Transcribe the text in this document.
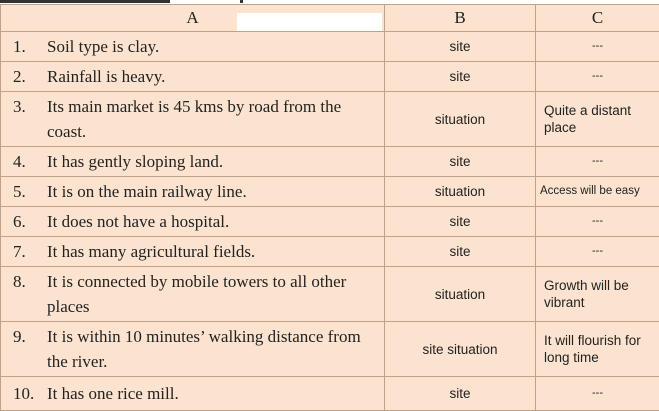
A	B	C
1. Soil type is clay.	site	---
2. Rainfall is heavy.	site	---
3. Its main market is 45 kms by road from the coast.	situation	Quite a distant place
4. It has gently sloping land.	site	---
5. It is on the main railway line.	situation	Access will be easy
6. It does not have a hospital.	site	---
7. It has many agricultural fields.	site	---
8. It is connected by mobile towers to all other places	situation	Growth will be vibrant
9. It is within 10 minutes’ walking distance from the river.	site situation	It will flourish for long time
10. It has one rice mill.	site	---
